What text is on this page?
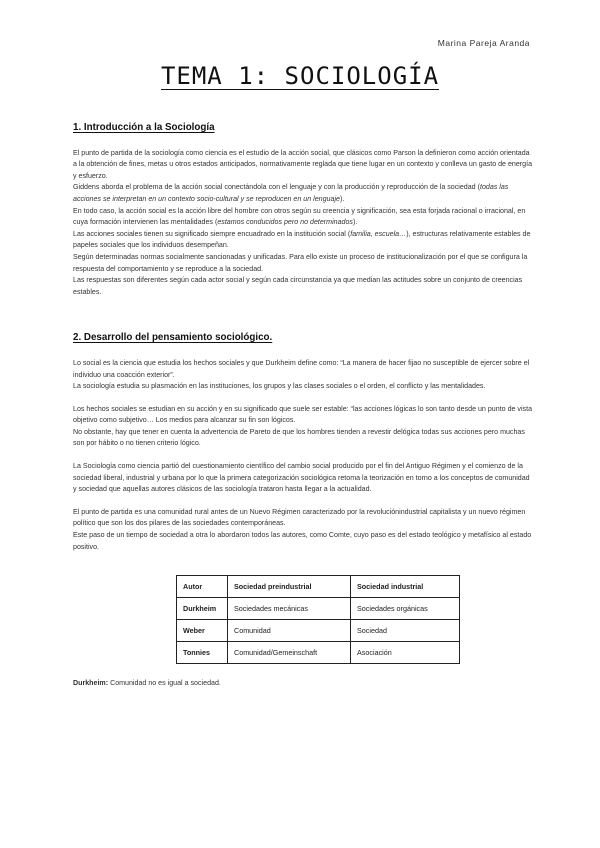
Marina Pareja Aranda
TEMA 1: SOCIOLOGÍA
1. Introducción a la Sociología

El punto de partida de la sociología como ciencia es el estudio de la acción social, que clásicos como Parson la definieron como acción orientada a la obtención de fines, metas u otros estados anticipados, normativamente reglada que tiene lugar en un contexto y conlleva un gasto de energía y esfuerzo.

Giddens aborda el problema de la acción social conectándola con el lenguaje y con la producción y reproducción de la sociedad (todas las acciones se interpretan en un contexto socio-cultural y se reproducen en un lenguaje).

En todo caso, la acción social es la acción libre del hombre con otros según su creencia y significación, sea esta forjada racional o irracional, en cuya formación intervienen las mentalidades (estamos conducidos pero no determinados).

Las acciones sociales tienen su significado siempre encuadrado en la institución social (familia, escuela…), estructuras relativamente estables de papeles sociales que los individuos desempeñan.

Según determinadas normas socialmente sancionadas y unificadas. Para ello existe un proceso de institucionalización por el que se configura la respuesta del comportamiento y se reproduce a la sociedad.

Las respuestas son diferentes según cada actor social y según cada circunstancia ya que median las actitudes sobre un conjunto de creencias estables.

2. Desarrollo del pensamiento sociológico.

Lo social es la ciencia que estudia los hechos sociales y que Durkheim define como: “La manera de hacer fijao no susceptible de ejercer sobre el individuo una coacción exterior”.

La sociología estudia su plasmación en las instituciones, los grupos y las clases sociales o el orden, el conflicto y las mentalidades.

Los hechos sociales se estudian en su acción y en su significado que suele ser estable: “las acciones lógicas lo son tanto desde un punto de vista objetivo como subjetivo… Los medios para alcanzar su fin son lógicos.

No obstante, hay que tener en cuenta la advertencia de Pareto de que los hombres tienden a revestir delógica todas sus acciones pero muchas son por hábito o no tienen criterio lógico.

La Sociología como ciencia partió del cuestionamiento científico del cambio social producido por el fin del Antiguo Régimen y el comienzo de la sociedad liberal, industrial y urbana por lo que la primera categorización sociológica retoma la teorización en torno a los conceptos de comunidad y sociedad que aquellas autores clásicos de las sociología trataron hasta llegar a la actualidad.

El punto de partida es una comunidad rural antes de un Nuevo Régimen caracterizado por la revoluciónindustrial capitalista y un nuevo régimen político que son los dos pilares de las sociedades contemporáneas.

Este paso de un tiempo de sociedad a otra lo abordaron todos las autores, como Comte, cuyo paso es del estado teológico y metafísico al estado positivo.

Autor	Sociedad preindustrial	Sociedad industrial
Durkheim	Sociedades mecánicas	Sociedades orgánicas
Weber	Comunidad	Sociedad
Tonnies	Comunidad/Gemeinschaft	Asociación

Durkheim: Comunidad no es igual a sociedad.
